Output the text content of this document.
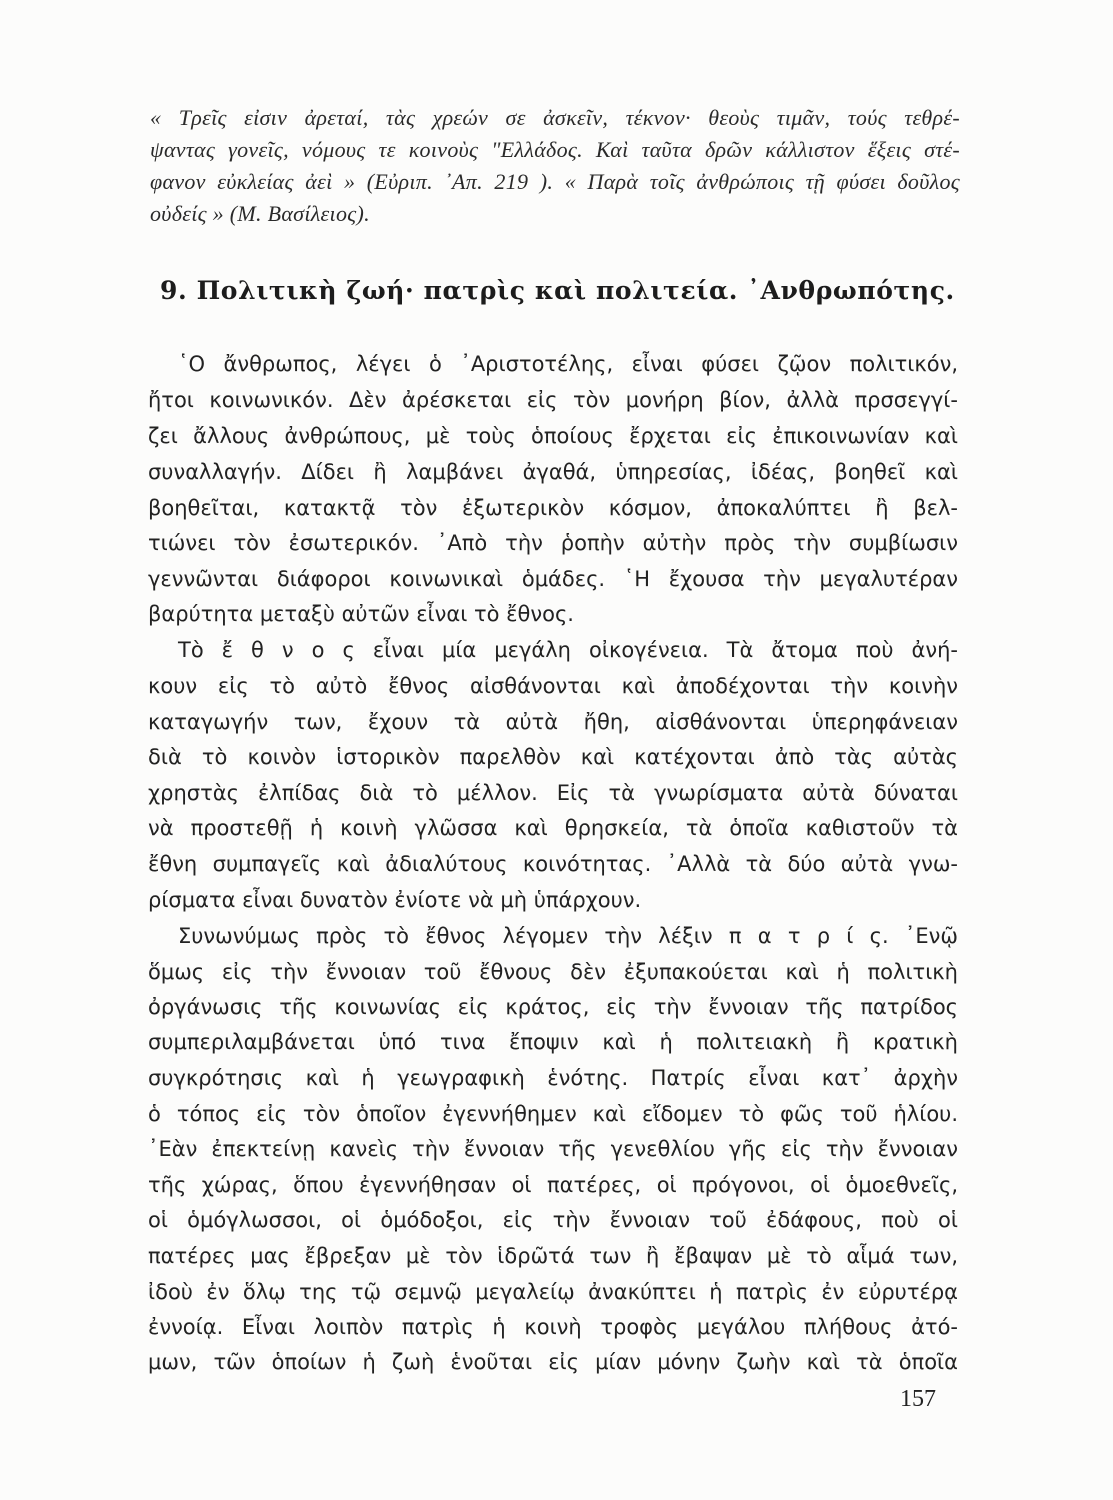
« Τρεῖς εἰσιν ἀρεταί, τὰς χρεών σε ἀσκεῖν, τέκνον· θεοὺς τιμᾶν, τούς τεθρέ-
ψαντας γονεῖς, νόμους τε κοινοὺς "Ελλάδος. Καὶ ταῦτα δρῶν κάλλιστον ἕξεις στέ-
φανον εὐκλείας ἀεὶ » (Εὐριπ. ᾿Απ. 219 ). « Παρὰ τοῖς ἀνθρώποις τῇ φύσει δοῦλος
οὐδείς » (Μ. Βασίλειος).
9. Πολιτικὴ ζωή· πατρὶς καὶ πολιτεία. ᾿Ανθρωπότης.
῾Ο ἄνθρωπος, λέγει ὁ ᾿Αριστοτέλης, εἶναι φύσει ζῷον πολιτικόν,
ἤτοι κοινωνικόν. Δὲν ἀρέσκεται εἰς τὸν μονήρη βίον, ἀλλὰ πρσσεγγί-
ζει ἄλλους ἀνθρώπους, μὲ τοὺς ὁποίους ἔρχεται εἰς ἐπικοινωνίαν καὶ
συναλλαγήν. Δίδει ἢ λαμβάνει ἀγαθά, ὑπηρεσίας, ἰδέας, βοηθεῖ καὶ
βοηθεῖται, κατακτᾷ τὸν ἐξωτερικὸν κόσμον, ἀποκαλύπτει ἢ βελ-
τιώνει τὸν ἐσωτερικόν. ᾿Απὸ τὴν ῥοπὴν αὐτὴν πρὸς τὴν συμβίωσιν
γεννῶνται διάφοροι κοινωνικαὶ ὁμάδες. ῾Η ἔχουσα τὴν μεγαλυτέραν
βαρύτητα μεταξὺ αὐτῶν εἶναι τὸ ἔθνος.
Τὸ ἔ θ ν ο ς εἶναι μία μεγάλη οἰκογένεια. Τὰ ἄτομα ποὺ ἀνή-
κουν εἰς τὸ αὐτὸ ἔθνος αἰσθάνονται καὶ ἀποδέχονται τὴν κοινὴν
καταγωγήν των, ἔχουν τὰ αὐτὰ ἤθη, αἰσθάνονται ὑπερηφάνειαν
διὰ τὸ κοινὸν ἱστορικὸν παρελθὸν καὶ κατέχονται ἀπὸ τὰς αὐτὰς
χρηστὰς ἐλπίδας διὰ τὸ μέλλον. Εἰς τὰ γνωρίσματα αὐτὰ δύναται
νὰ προστεθῇ ἡ κοινὴ γλῶσσα καὶ θρησκεία, τὰ ὁποῖα καθιστοῦν τὰ
ἔθνη συμπαγεῖς καὶ ἀδιαλύτους κοινότητας. ᾿Αλλὰ τὰ δύο αὐτὰ γνω-
ρίσματα εἶναι δυνατὸν ἐνίοτε νὰ μὴ ὑπάρχουν.
Συνωνύμως πρὸς τὸ ἔθνος λέγομεν τὴν λέξιν π α τ ρ ί ς. ᾿Ενῷ
ὅμως εἰς τὴν ἔννοιαν τοῦ ἔθνους δὲν ἐξυπακούεται καὶ ἡ πολιτικὴ
ὀργάνωσις τῆς κοινωνίας εἰς κράτος, εἰς τὴν ἔννοιαν τῆς πατρίδος
συμπεριλαμβάνεται ὑπό τινα ἔποψιν καὶ ἡ πολιτειακὴ ἢ κρατικὴ
συγκρότησις καὶ ἡ γεωγραφικὴ ἑνότης. Πατρίς εἶναι κατ᾿ ἀρχὴν
ὁ τόπος εἰς τὸν ὁποῖον ἐγεννήθημεν καὶ εἴδομεν τὸ φῶς τοῦ ἡλίου.
᾿Εὰν ἐπεκτείνῃ κανεὶς τὴν ἔννοιαν τῆς γενεθλίου γῆς εἰς τὴν ἔννοιαν
τῆς χώρας, ὅπου ἐγεννήθησαν οἱ πατέρες, οἱ πρόγονοι, οἱ ὁμοεθνεῖς,
οἱ ὁμόγλωσσοι, οἱ ὁμόδοξοι, εἰς τὴν ἔννοιαν τοῦ ἐδάφους, ποὺ οἱ
πατέρες μας ἔβρεξαν μὲ τὸν ἱδρῶτά των ἢ ἔβαψαν μὲ τὸ αἷμά των,
ἰδοὺ ἐν ὅλῳ της τῷ σεμνῷ μεγαλείῳ ἀνακύπτει ἡ πατρὶς ἐν εὐρυτέρᾳ
ἐννοίᾳ. Εἶναι λοιπὸν πατρὶς ἡ κοινὴ τροφὸς μεγάλου πλήθους ἀτό-
μων, τῶν ὁποίων ἡ ζωὴ ἑνοῦται εἰς μίαν μόνην ζωὴν καὶ τὰ ὁποῖα
157
